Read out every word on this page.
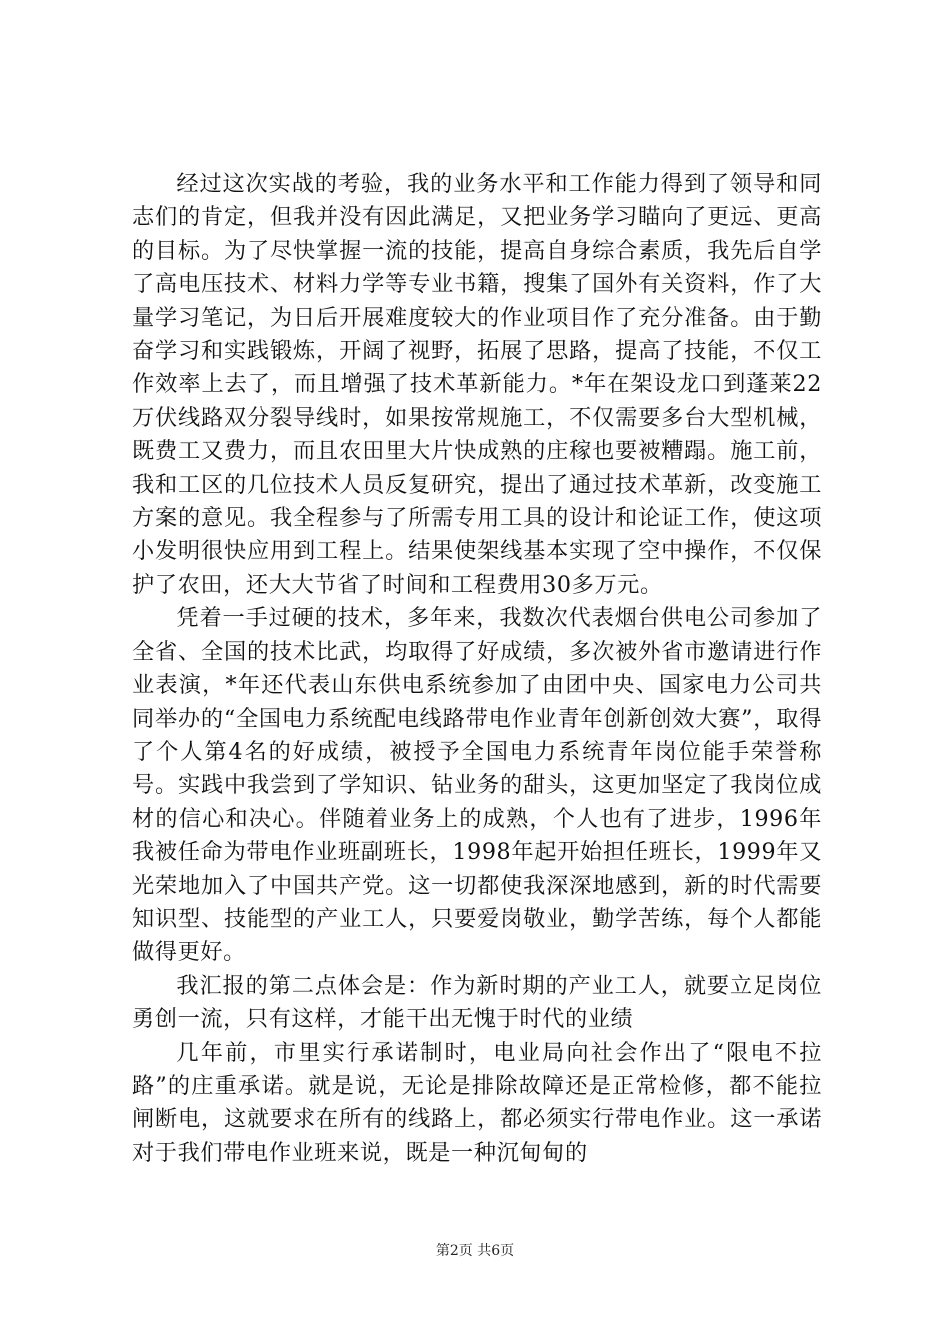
经过这次实战的考验，我的业务水平和工作能力得到了领导和同志们的肯定，但我并没有因此满足，又把业务学习瞄向了更远、更高的目标。为了尽快掌握一流的技能，提高自身综合素质，我先后自学了高电压技术、材料力学等专业书籍，搜集了国外有关资料，作了大量学习笔记，为日后开展难度较大的作业项目作了充分准备。由于勤奋学习和实践锻炼，开阔了视野，拓展了思路，提高了技能，不仅工作效率上去了，而且增强了技术革新能力。*年在架设龙口到蓬莱22万伏线路双分裂导线时，如果按常规施工，不仅需要多台大型机械，既费工又费力，而且农田里大片快成熟的庄稼也要被糟蹋。施工前，我和工区的几位技术人员反复研究，提出了通过技术革新，改变施工方案的意见。我全程参与了所需专用工具的设计和论证工作，使这项小发明很快应用到工程上。结果使架线基本实现了空中操作，不仅保护了农田，还大大节省了时间和工程费用30多万元。

凭着一手过硬的技术，多年来，我数次代表烟台供电公司参加了全省、全国的技术比武，均取得了好成绩，多次被外省市邀请进行作业表演，*年还代表山东供电系统参加了由团中央、国家电力公司共同举办的“全国电力系统配电线路带电作业青年创新创效大赛”，取得了个人第4名的好成绩，被授予全国电力系统青年岗位能手荣誉称号。实践中我尝到了学知识、钻业务的甜头，这更加坚定了我岗位成材的信心和决心。伴随着业务上的成熟，个人也有了进步，1996年我被任命为带电作业班副班长，1998年起开始担任班长，1999年又光荣地加入了中国共产党。这一切都使我深深地感到，新的时代需要知识型、技能型的产业工人，只要爱岗敬业，勤学苦练，每个人都能做得更好。

我汇报的第二点体会是：作为新时期的产业工人，就要立足岗位勇创一流，只有这样，才能干出无愧于时代的业绩

几年前，市里实行承诺制时，电业局向社会作出了“限电不拉路”的庄重承诺。就是说，无论是排除故障还是正常检修，都不能拉闸断电，这就要求在所有的线路上，都必须实行带电作业。这一承诺对于我们带电作业班来说，既是一种沉甸甸的

第2页 共6页
